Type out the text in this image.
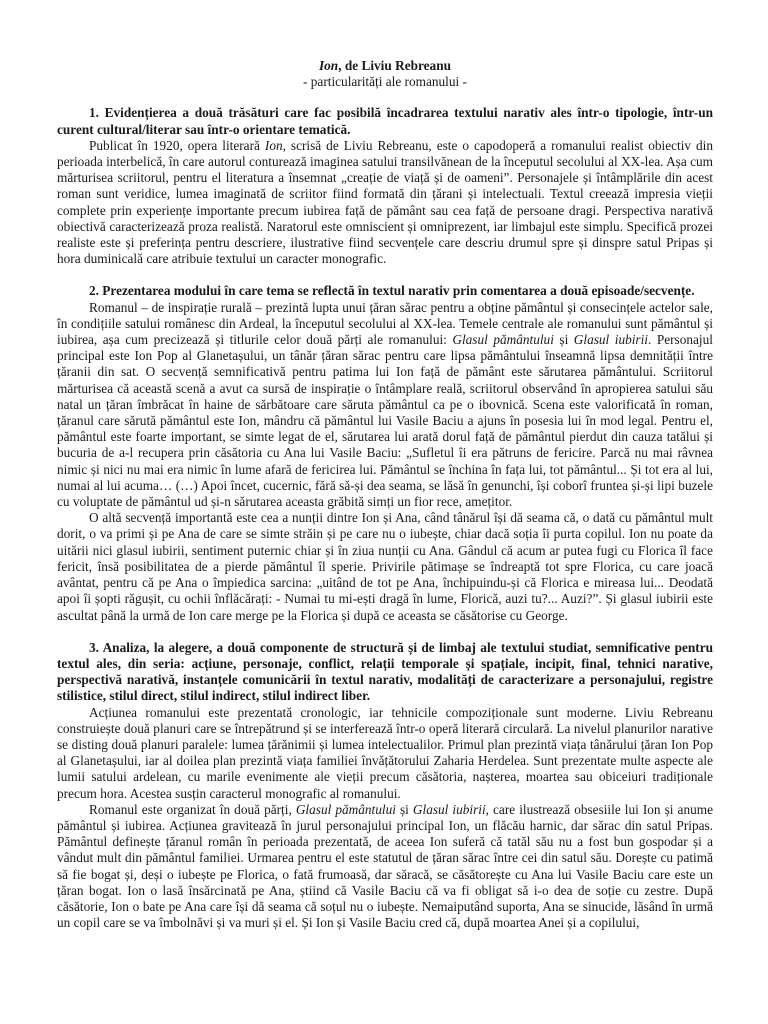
Ion, de Liviu Rebreanu

- particularități ale romanului -

1. Evidențierea a două trăsături care fac posibilă încadrarea textului narativ ales într-o tipologie, într-un curent cultural/literar sau într-o orientare tematică.

Publicat în 1920, opera literară Ion, scrisă de Liviu Rebreanu, este o capodoperă a romanului realist obiectiv din perioada interbelică, în care autorul conturează imaginea satului transilvănean de la începutul secolului al XX-lea. Așa cum mărturisea scriitorul, pentru el literatura a însemnat „creație de viață și de oameni”. Personajele și întâmplările din acest roman sunt veridice, lumea imaginată de scriitor fiind formată din țărani și intelectuali. Textul creează impresia vieții complete prin experiențe importante precum iubirea față de pământ sau cea față de persoane dragi. Perspectiva narativă obiectivă caracterizează proza realistă. Naratorul este omniscient și omniprezent, iar limbajul este simplu. Specifică prozei realiste este și preferința pentru descriere, ilustrative fiind secvențele care descriu drumul spre și dinspre satul Pripas și hora duminicală care atribuie textului un caracter monografic.

2. Prezentarea modului în care tema se reflectă în textul narativ prin comentarea a două episoade/secvențe.

Romanul – de inspirație rurală – prezintă lupta unui țăran sărac pentru a obține pământul și consecințele actelor sale, în condițiile satului românesc din Ardeal, la începutul secolului al XX-lea. Temele centrale ale romanului sunt pământul și iubirea, așa cum precizează și titlurile celor două părți ale romanului: Glasul pământului și Glasul iubirii. Personajul principal este Ion Pop al Glanetașului, un tânăr țăran sărac pentru care lipsa pământului înseamnă lipsa demnității între țăranii din sat. O secvență semnificativă pentru patima lui Ion față de pământ este sărutarea pământului. Scriitorul mărturisea că această scenă a avut ca sursă de inspirație o întâmplare reală, scriitorul observând în apropierea satului său natal un țăran îmbrăcat în haine de sărbătoare care săruta pământul ca pe o ibovnică. Scena este valorificată în roman, țăranul care sărută pământul este Ion, mândru că pământul lui Vasile Baciu a ajuns în posesia lui în mod legal. Pentru el, pământul este foarte important, se simte legat de el, sărutarea lui arată dorul față de pământul pierdut din cauza tatălui și bucuria de a-l recupera prin căsătoria cu Ana lui Vasile Baciu: „Sufletul îi era pătruns de fericire. Parcă nu mai râvnea nimic și nici nu mai era nimic în lume afară de fericirea lui. Pământul se închina în fața lui, tot pământul... Și tot era al lui, numai al lui acuma… (…) Apoi încet, cucernic, fără să-și dea seama, se lăsă în genunchi, își coborî fruntea și-și lipi buzele cu voluptate de pământul ud și-n sărutarea aceasta grăbită simți un fior rece, amețitor.

O altă secvență importantă este cea a nunții dintre Ion și Ana, când tânărul își dă seama că, o dată cu pământul mult dorit, o va primi și pe Ana de care se simte străin și pe care nu o iubește, chiar dacă soția îi purta copilul. Ion nu poate da uitării nici glasul iubirii, sentiment puternic chiar și în ziua nunții cu Ana. Gândul că acum ar putea fugi cu Florica îl face fericit, însă posibilitatea de a pierde pământul îl sperie. Privirile pătimașe se îndreaptă tot spre Florica, cu care joacă avântat, pentru că pe Ana o împiedica sarcina: „uitând de tot pe Ana, închipuindu-și că Florica e mireasa lui... Deodată apoi îi șopti răgușit, cu ochii înflăcărați: - Numai tu mi-ești dragă în lume, Florică, auzi tu?... Auzi?”. Și glasul iubirii este ascultat până la urmă de Ion care merge pe la Florica și după ce aceasta se căsătorise cu George.

3. Analiza, la alegere, a două componente de structură și de limbaj ale textului studiat, semnificative pentru textul ales, din seria: acțiune, personaje, conflict, relații temporale și spațiale, incipit, final, tehnici narative, perspectivă narativă, instanțele comunicării în textul narativ, modalități de caracterizare a personajului, registre stilistice, stilul direct, stilul indirect, stilul indirect liber.

Acțiunea romanului este prezentată cronologic, iar tehnicile compoziționale sunt moderne. Liviu Rebreanu construiește două planuri care se întrepătrund și se interferează într-o operă literară circulară. La nivelul planurilor narative se disting două planuri paralele: lumea țărănimii și lumea intelectualilor. Primul plan prezintă viața tânărului țăran Ion Pop al Glanetașului, iar al doilea plan prezintă viața familiei învățătorului Zaharia Herdelea. Sunt prezentate multe aspecte ale lumii satului ardelean, cu marile evenimente ale vieții precum căsătoria, nașterea, moartea sau obiceiuri tradiționale precum hora. Acestea susțin caracterul monografic al romanului.

Romanul este organizat în două părți, Glasul pământului și Glasul iubirii, care ilustrează obsesiile lui Ion și anume pământul și iubirea. Acțiunea gravitează în jurul personajului principal Ion, un flăcău harnic, dar sărac din satul Pripas. Pământul definește țăranul român în perioada prezentată, de aceea Ion suferă că tatăl său nu a fost bun gospodar și a vândut mult din pământul familiei. Urmarea pentru el este statutul de țăran sărac între cei din satul său. Dorește cu patimă să fie bogat și, deși o iubește pe Florica, o fată frumoasă, dar săracă, se căsătorește cu Ana lui Vasile Baciu care este un țăran bogat. Ion o lasă însărcinată pe Ana, știind că Vasile Baciu că va fi obligat să i-o dea de soție cu zestre. După căsătorie, Ion o bate pe Ana care își dă seama că soțul nu o iubește. Nemaiputând suporta, Ana se sinucide, lăsând în urmă un copil care se va îmbolnăvi și va muri și el. Și Ion și Vasile Baciu cred că, după moartea Anei și a copilului,
